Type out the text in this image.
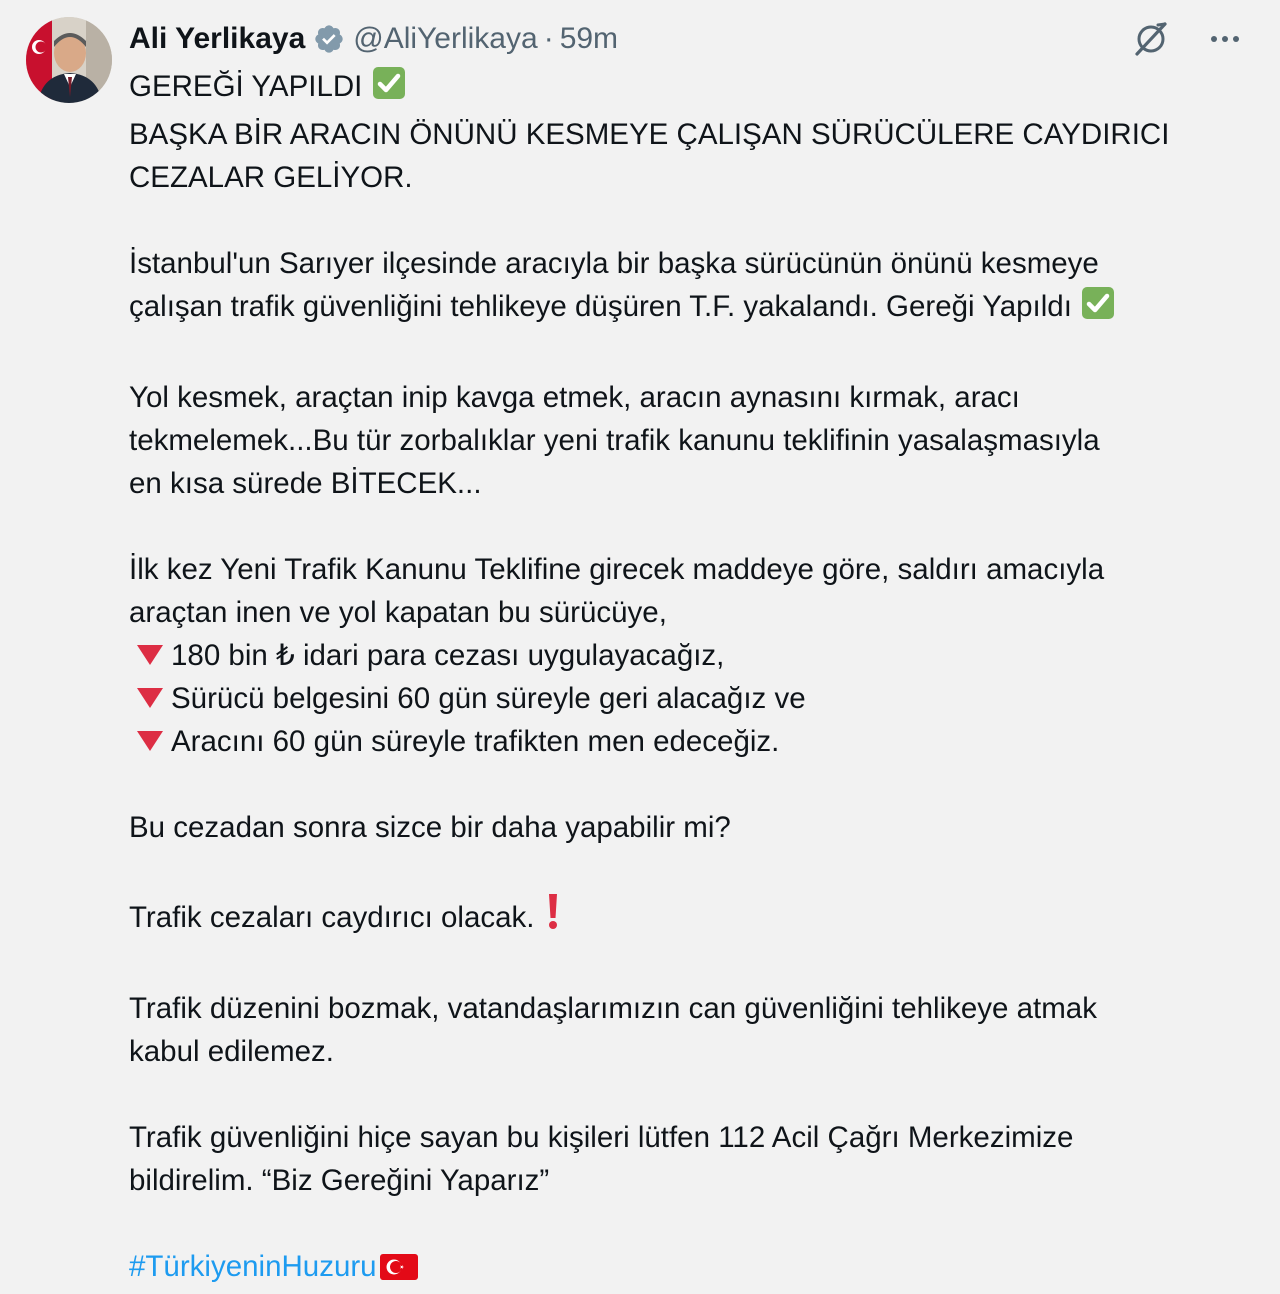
Ali Yerlikaya @AliYerlikaya · 59m
GEREĞİ YAPILDI
BAŞKA BİR ARACIN ÖNÜNÜ KESMEYE ÇALIŞAN SÜRÜCÜLERE CAYDIRICI
CEZALAR GELİYOR.
İstanbul'un Sarıyer ilçesinde aracıyla bir başka sürücünün önünü kesmeye
çalışan trafik güvenliğini tehlikeye düşüren T.F. yakalandı. Gereği Yapıldı
Yol kesmek, araçtan inip kavga etmek, aracın aynasını kırmak, aracı
tekmelemek...Bu tür zorbalıklar yeni trafik kanunu teklifinin yasalaşmasıyla
en kısa sürede BİTECEK...
İlk kez Yeni Trafik Kanunu Teklifine girecek maddeye göre, saldırı amacıyla
araçtan inen ve yol kapatan bu sürücüye,
180 bin ₺ idari para cezası uygulayacağız,
Sürücü belgesini 60 gün süreyle geri alacağız ve
Aracını 60 gün süreyle trafikten men edeceğiz.
Bu cezadan sonra sizce bir daha yapabilir mi?
Trafik cezaları caydırıcı olacak.
Trafik düzenini bozmak, vatandaşlarımızın can güvenliğini tehlikeye atmak
kabul edilemez.
Trafik güvenliğini hiçe sayan bu kişileri lütfen 112 Acil Çağrı Merkezimize
bildirelim. “Biz Gereğini Yaparız”
#TürkiyeninHuzuru
